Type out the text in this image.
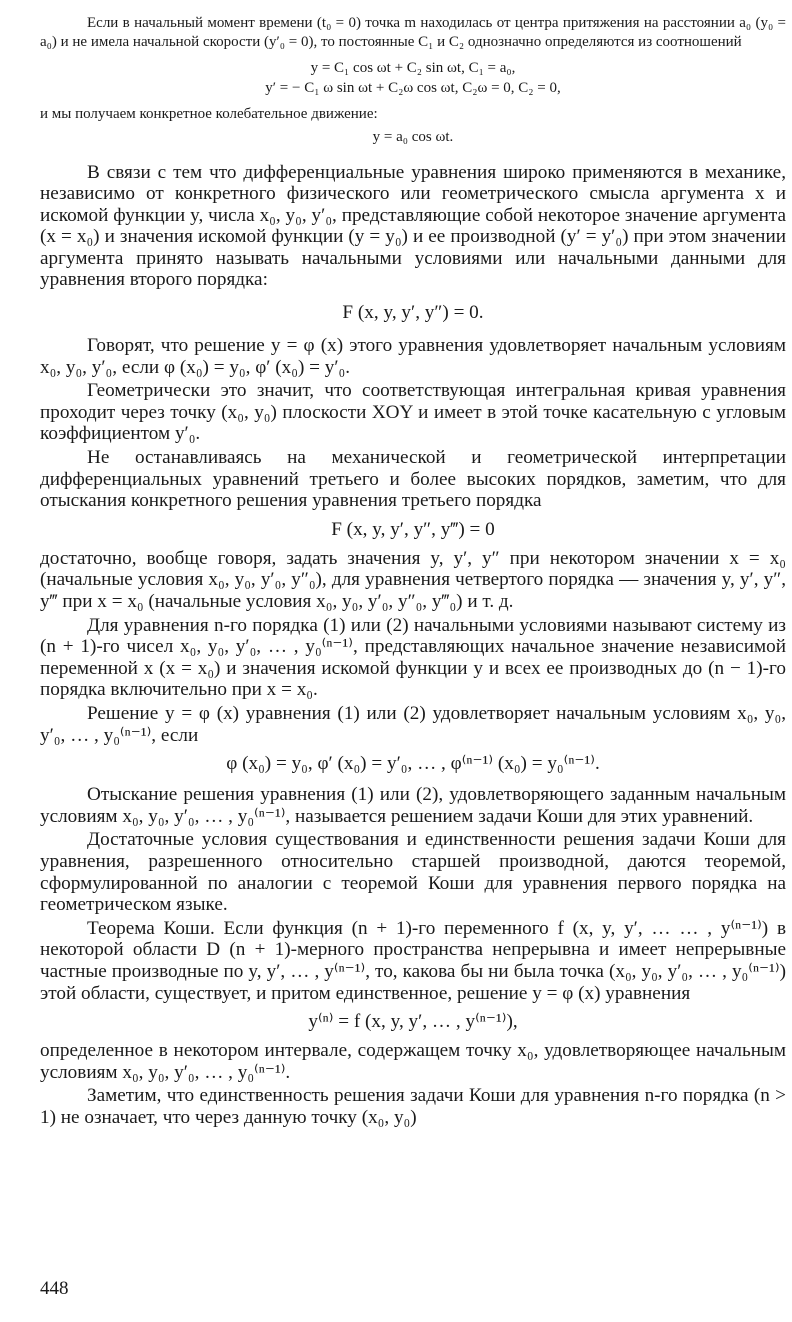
Если в начальный момент времени (t₀ = 0) точка m находилась от центра притяжения на расстоянии a₀ (y₀ = a₀) и не имела начальной скорости (y′₀ = 0), то постоянные C₁ и C₂ однозначно определяются из соотношений

y = C₁ cos ωt + C₂ sin ωt, C₁ = a₀,
y′ = − C₁ ω sin ωt + C₂ω cos ωt, C₂ω = 0, C₂ = 0,

и мы получаем конкретное колебательное движение:

y = a₀ cos ωt.

В связи с тем что дифференциальные уравнения широко применяются в механике, независимо от конкретного физического или геометрического смысла аргумента x и искомой функции y, числа x₀, y₀, y′₀, представляющие собой некоторое значение аргумента (x = x₀) и значения искомой функции (y = y₀) и ее производной (y′ = y′₀) при этом значении аргумента принято называть начальными условиями или начальными данными для уравнения второго порядка:

F (x, y, y′, y″) = 0.

Говорят, что решение y = φ (x) этого уравнения удовлетворяет начальным условиям x₀, y₀, y′₀, если φ (x₀) = y₀, φ′ (x₀) = y′₀.

Геометрически это значит, что соответствующая интегральная кривая уравнения проходит через точку (x₀, y₀) плоскости XOY и имеет в этой точке касательную с угловым коэффициентом y′₀.

Не останавливаясь на механической и геометрической интерпретации дифференциальных уравнений третьего и более высоких порядков, заметим, что для отыскания конкретного решения уравнения третьего порядка

F (x, y, y′, y″, y‴) = 0

достаточно, вообще говоря, задать значения y, y′, y″ при некотором значении x = x₀ (начальные условия x₀, y₀, y′₀, y″₀), для уравнения четвертого порядка — значения y, y′, y″, y‴ при x = x₀ (начальные условия x₀, y₀, y′₀, y″₀, y‴₀) и т. д.

Для уравнения n-го порядка (1) или (2) начальными условиями называют систему из (n + 1)-го чисел x₀, y₀, y′₀, … , y₀⁽ⁿ⁻¹⁾, представляющих начальное значение независимой переменной x (x = x₀) и значения искомой функции y и всех ее производных до (n − 1)-го порядка включительно при x = x₀.

Решение y = φ (x) уравнения (1) или (2) удовлетворяет начальным условиям x₀, y₀, y′₀, … , y₀⁽ⁿ⁻¹⁾, если

φ (x₀) = y₀, φ′ (x₀) = y′₀, … , φ⁽ⁿ⁻¹⁾ (x₀) = y₀⁽ⁿ⁻¹⁾.

Отыскание решения уравнения (1) или (2), удовлетворяющего заданным начальным условиям x₀, y₀, y′₀, … , y₀⁽ⁿ⁻¹⁾, называется решением задачи Коши для этих уравнений.

Достаточные условия существования и единственности решения задачи Коши для уравнения, разрешенного относительно старшей производной, даются теоремой, сформулированной по аналогии с теоремой Коши для уравнения первого порядка на геометрическом языке.

Теорема Коши. Если функция (n + 1)-го переменного f (x, y, y′, … … , y⁽ⁿ⁻¹⁾) в некоторой области D (n + 1)-мерного пространства непрерывна и имеет непрерывные частные производные по y, y′, … , y⁽ⁿ⁻¹⁾, то, какова бы ни была точка (x₀, y₀, y′₀, … , y₀⁽ⁿ⁻¹⁾) этой области, существует, и притом единственное, решение y = φ (x) уравнения

y⁽ⁿ⁾ = f (x, y, y′, … , y⁽ⁿ⁻¹⁾),

определенное в некотором интервале, содержащем точку x₀, удовлетворяющее начальным условиям x₀, y₀, y′₀, … , y₀⁽ⁿ⁻¹⁾.

Заметим, что единственность решения задачи Коши для уравнения n-го порядка (n > 1) не означает, что через данную точку (x₀, y₀)

448
